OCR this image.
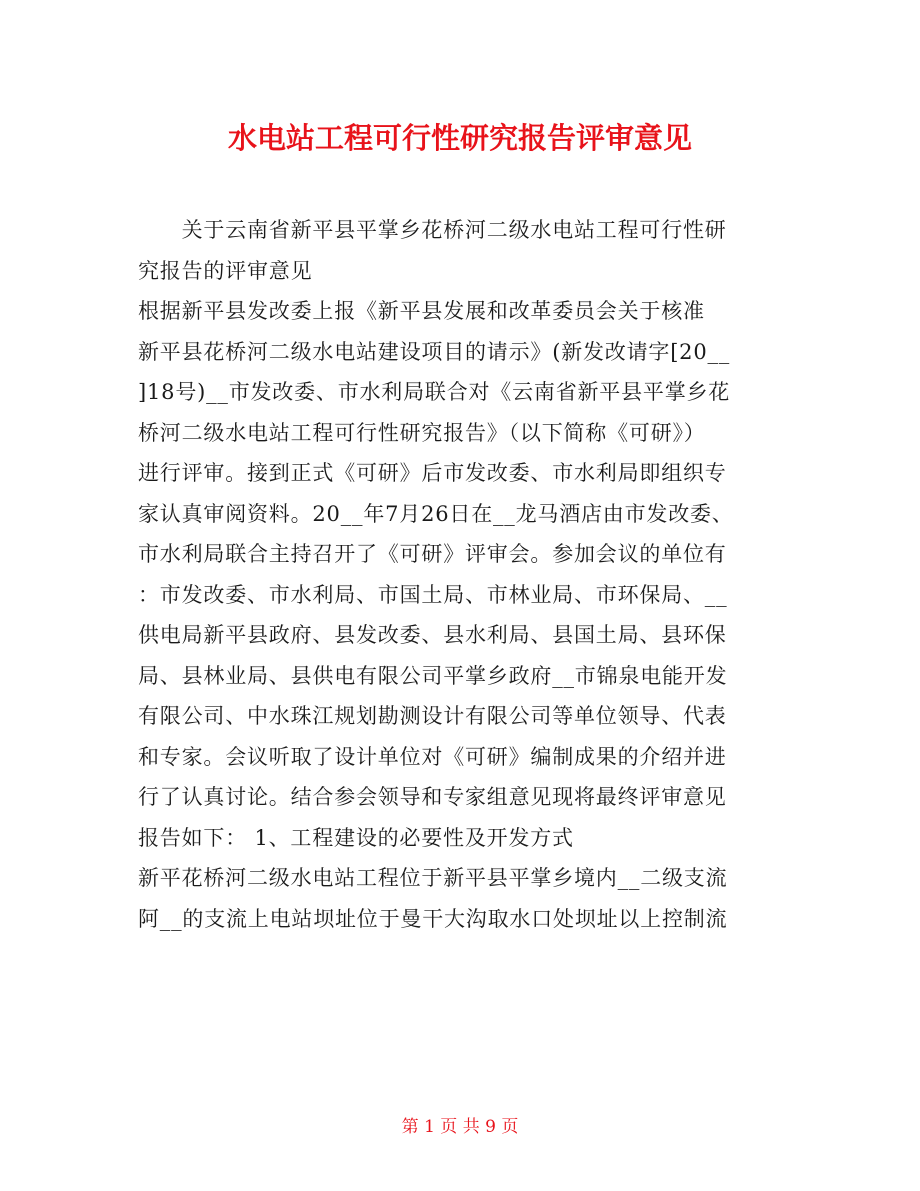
水电站工程可行性研究报告评审意见
　　关于云南省新平县平掌乡花桥河二级水电站工程可行性研
究报告的评审意见
根据新平县发改委上报《新平县发展和改革委员会关于核准
新平县花桥河二级水电站建设项目的请示》(新发改请字[20__
]18号)__市发改委、市水利局联合对《云南省新平县平掌乡花
桥河二级水电站工程可行性研究报告》（以下简称《可研》）
进行评审。接到正式《可研》后市发改委、市水利局即组织专
家认真审阅资料。20__年7月26日在__龙马酒店由市发改委、
市水利局联合主持召开了《可研》评审会。参加会议的单位有
：市发改委、市水利局、市国土局、市林业局、市环保局、__
供电局新平县政府、县发改委、县水利局、县国土局、县环保
局、县林业局、县供电有限公司平掌乡政府__市锦泉电能开发
有限公司、中水珠江规划勘测设计有限公司等单位领导、代表
和专家。会议听取了设计单位对《可研》编制成果的介绍并进
行了认真讨论。结合参会领导和专家组意见现将最终评审意见
报告如下： 1、工程建设的必要性及开发方式
新平花桥河二级水电站工程位于新平县平掌乡境内__二级支流
阿__的支流上电站坝址位于曼干大沟取水口处坝址以上控制流
第 1 页 共 9 页
